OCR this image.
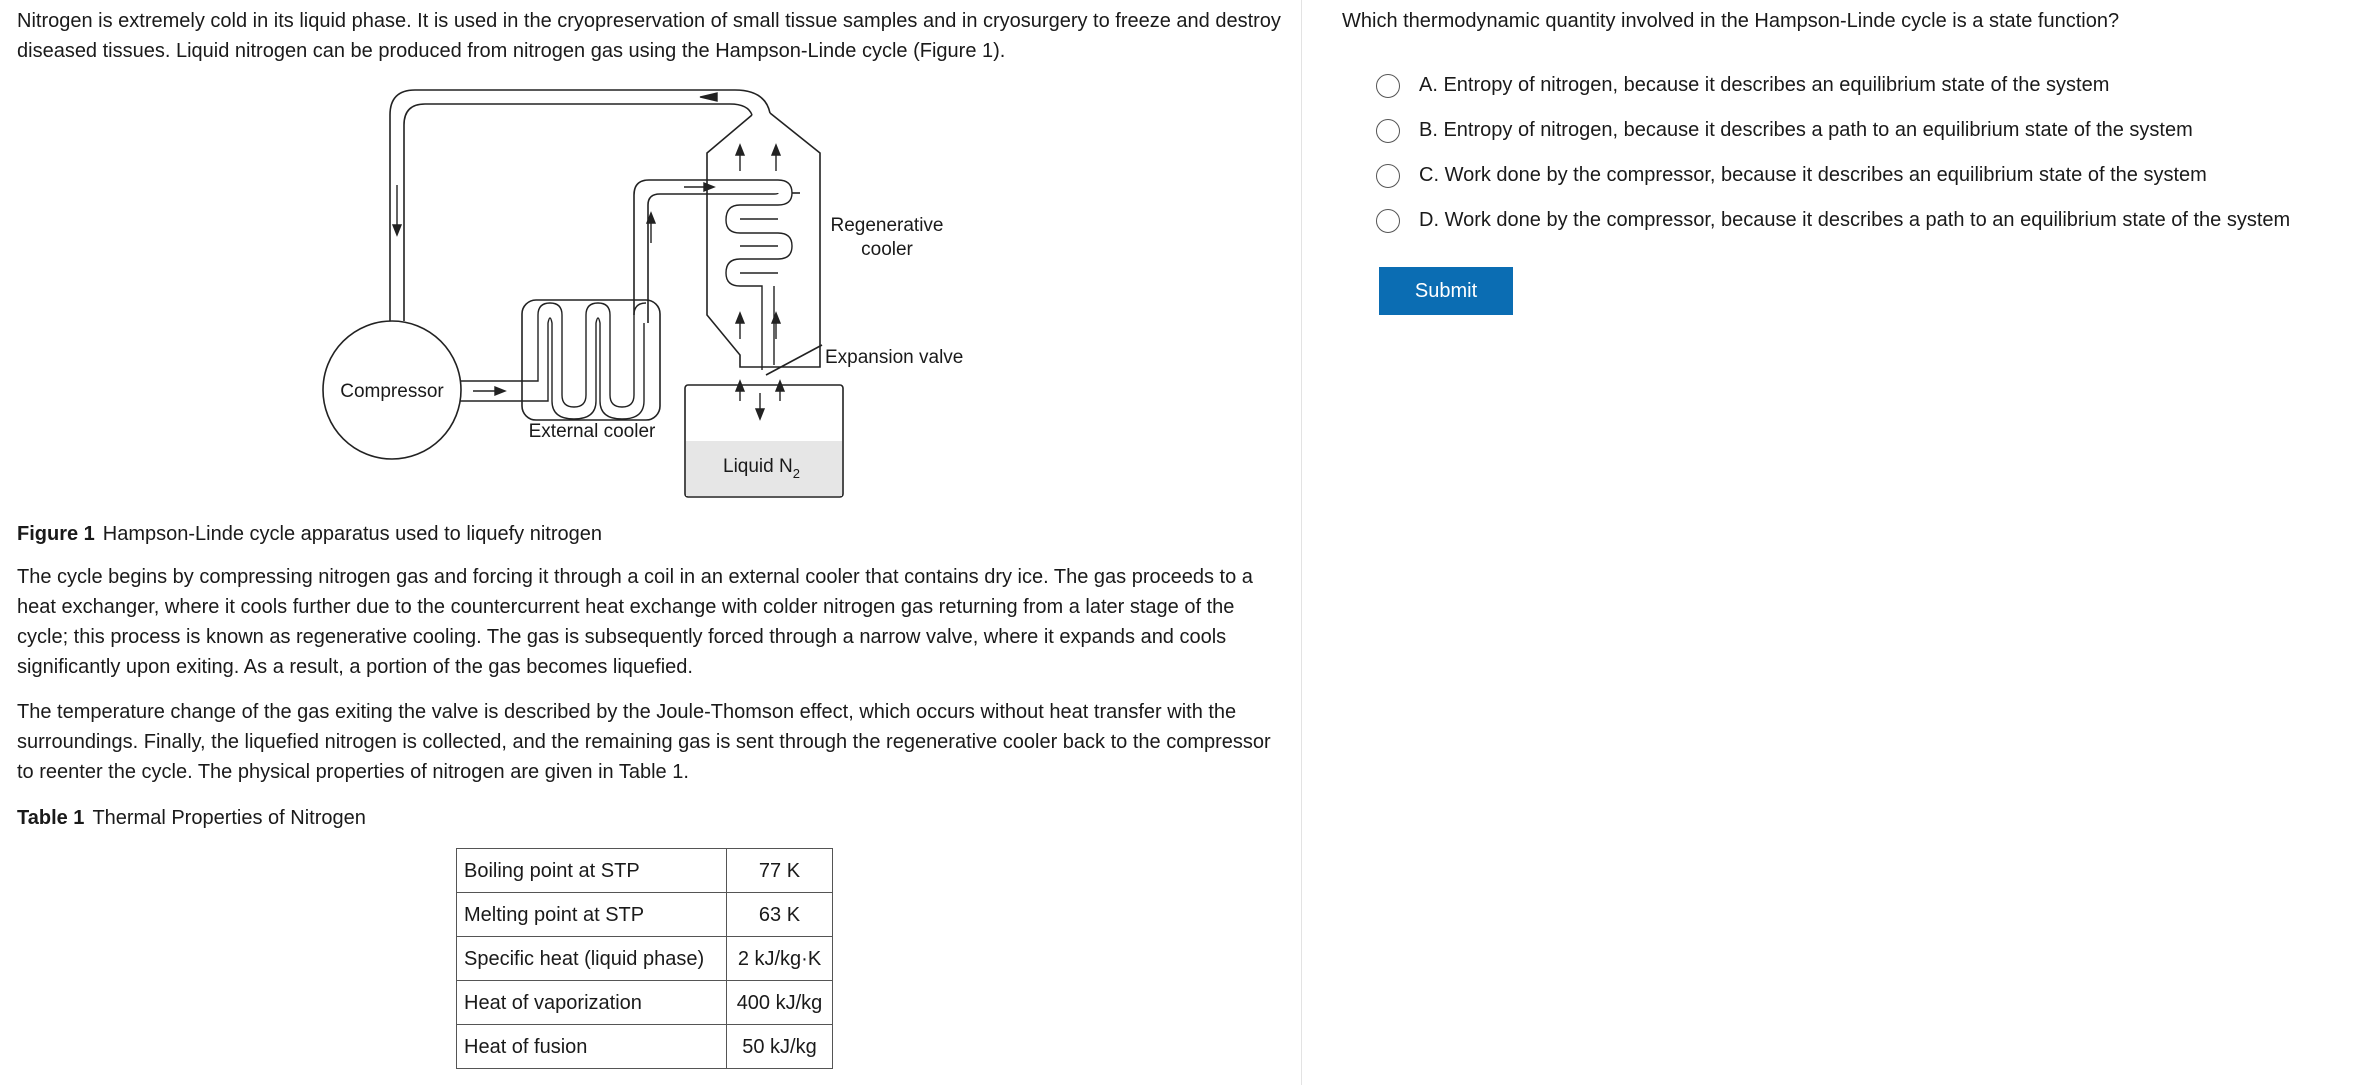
Nitrogen is extremely cold in its liquid phase. It is used in the cryopreservation of small tissue samples and in cryosurgery to freeze and destroy diseased tissues. Liquid nitrogen can be produced from nitrogen gas using the Hampson-Linde cycle (Figure 1).

Compressor
External cooler
Regenerative
cooler
Expansion valve
Liquid $N_2$
Figure 1 Hampson-Linde cycle apparatus used to liquefy nitrogen

The cycle begins by compressing nitrogen gas and forcing it through a coil in an external cooler that contains dry ice. The gas proceeds to a heat exchanger, where it cools further due to the countercurrent heat exchange with colder nitrogen gas returning from a later stage of the cycle; this process is known as regenerative cooling. The gas is subsequently forced through a narrow valve, where it expands and cools significantly upon exiting. As a result, a portion of the gas becomes liquefied.

The temperature change of the gas exiting the valve is described by the Joule-Thomson effect, which occurs without heat transfer with the surroundings. Finally, the liquefied nitrogen is collected, and the remaining gas is sent through the regenerative cooler back to the compressor to reenter the cycle. The physical properties of nitrogen are given in Table 1.

Table 1 Thermal Properties of Nitrogen
Boiling point at STP	77 K
Melting point at STP	63 K
Specific heat (liquid phase)	2 kJ/kg·K
Heat of vaporization	400 kJ/kg
Heat of fusion	50 kJ/kg

Which thermodynamic quantity involved in the Hampson-Linde cycle is a state function?

A. Entropy of nitrogen, because it describes an equilibrium state of the system
B. Entropy of nitrogen, because it describes a path to an equilibrium state of the system
C. Work done by the compressor, because it describes an equilibrium state of the system
D. Work done by the compressor, because it describes a path to an equilibrium state of the system
Submit
